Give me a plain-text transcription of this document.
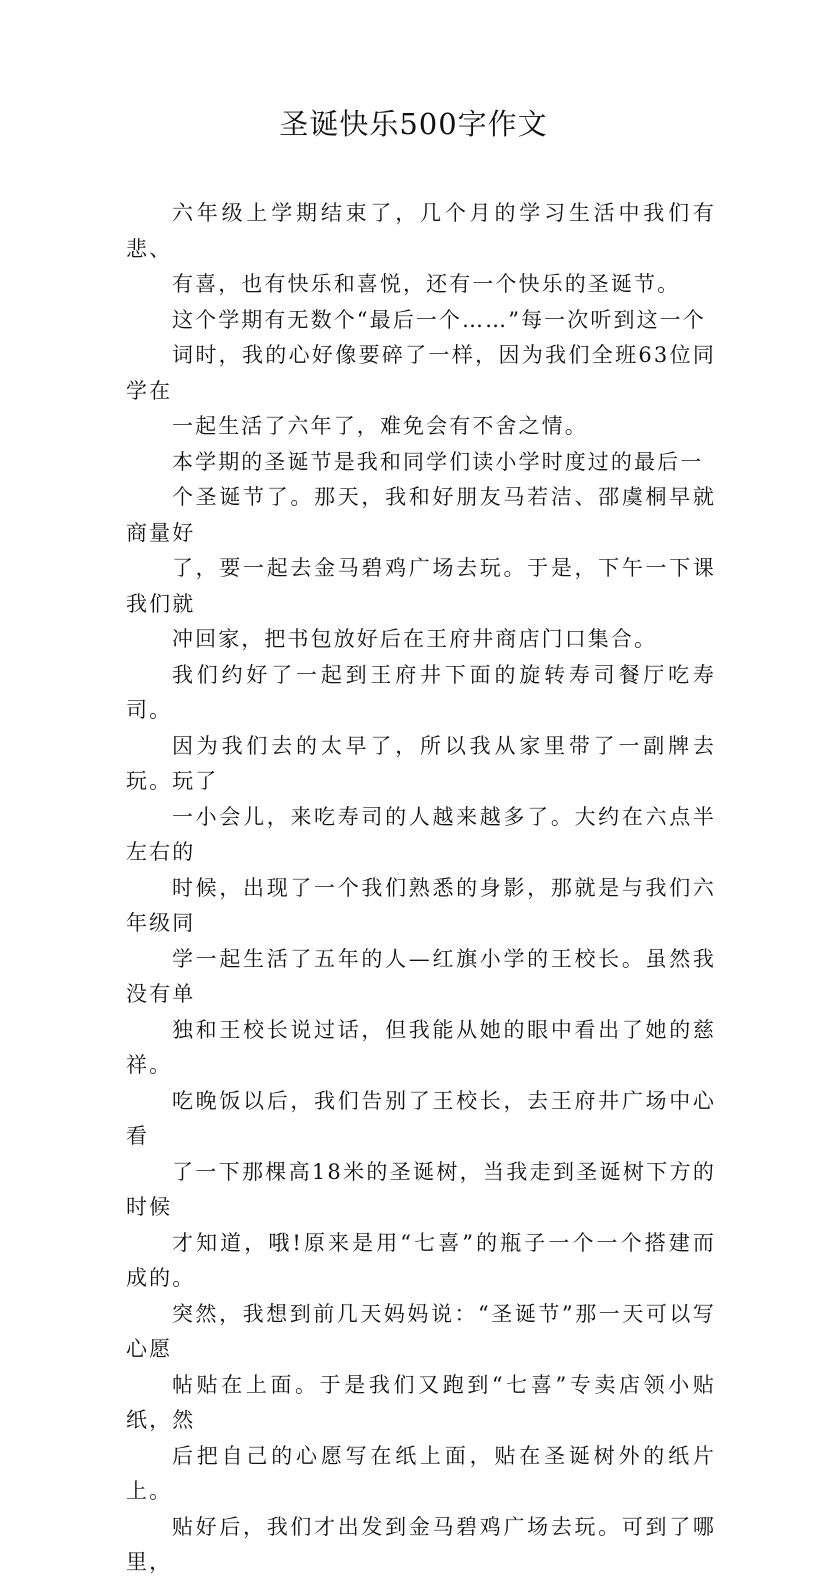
圣诞快乐500字作文

六年级上学期结束了，几个月的学习生活中我们有悲、
有喜，也有快乐和喜悦，还有一个快乐的圣诞节。

这个学期有无数个“最后一个……”每一次听到这一个
词时，我的心好像要碎了一样，因为我们全班63位同学在
一起生活了六年了，难免会有不舍之情。

本学期的圣诞节是我和同学们读小学时度过的最后一
个圣诞节了。那天，我和好朋友马若洁、邵虞桐早就商量好
了，要一起去金马碧鸡广场去玩。于是，下午一下课我们就
冲回家，把书包放好后在王府井商店门口集合。

我们约好了一起到王府井下面的旋转寿司餐厅吃寿司。
因为我们去的太早了，所以我从家里带了一副牌去玩。玩了
一小会儿，来吃寿司的人越来越多了。大约在六点半左右的
时候，出现了一个我们熟悉的身影，那就是与我们六年级同
学一起生活了五年的人—红旗小学的王校长。虽然我没有单
独和王校长说过话，但我能从她的眼中看出了她的慈祥。

吃晚饭以后，我们告别了王校长，去王府井广场中心看
了一下那棵高18米的圣诞树，当我走到圣诞树下方的时候
才知道，哦!原来是用“七喜”的瓶子一个一个搭建而成的。
突然，我想到前几天妈妈说：“圣诞节”那一天可以写心愿
帖贴在上面。于是我们又跑到“七喜”专卖店领小贴纸，然
后把自己的心愿写在纸上面，贴在圣诞树外的纸片上。

贴好后，我们才出发到金马碧鸡广场去玩。可到了哪里，
